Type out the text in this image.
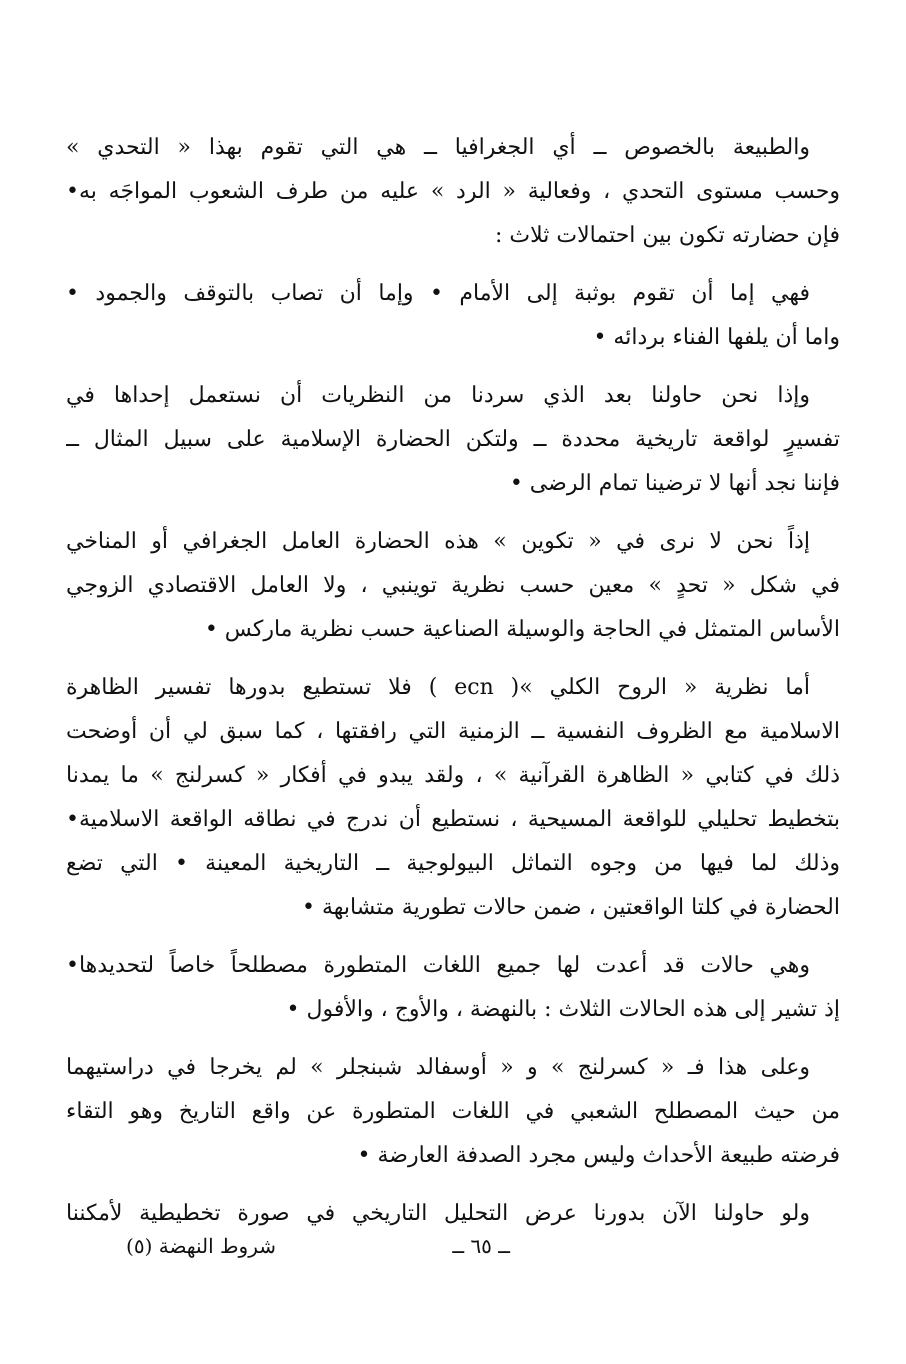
والطبيعة بالخصوص ــ أي الجغرافيا ــ هي التي تقوم بهذا « التحدي »
وحسب مستوى التحدي ، وفعالية « الرد » عليه من طرف الشعوب المواجَه به•
فإن حضارته تكون بين احتمالات ثلاث :
فهي إما أن تقوم بوثبة إلى الأمام • وإما أن تصاب بالتوقف والجمود •
واما أن يلفها الفناء بردائه •
وإذا نحن حاولنا بعد الذي سردنا من النظريات أن نستعمل إحداها في
تفسيرٍ لواقعة تاريخية محددة ــ ولتكن الحضارة الإسلامية على سبيل المثال ــ
فإننا نجد أنها لا ترضينا تمام الرضى •
إذاً نحن لا نرى في « تكوين » هذه الحضارة العامل الجغرافي أو المناخي
في شكل « تحدٍ » معين حسب نظرية توينبي ، ولا العامل الاقتصادي الزوجي
الأساس المتمثل في الحاجة والوسيلة الصناعية حسب نظرية ماركس •
أما نظرية « الروح الكلي »( ecn ) فلا تستطيع بدورها تفسير الظاهرة
الاسلامية مع الظروف النفسية ــ الزمنية التي رافقتها ، كما سبق لي أن أوضحت
ذلك في كتابي « الظاهرة القرآنية » ، ولقد يبدو في أفكار « كسرلنج » ما يمدنا
بتخطيط تحليلي للواقعة المسيحية ، نستطيع أن ندرج في نطاقه الواقعة الاسلامية•
وذلك لما فيها من وجوه التماثل البيولوجية ــ التاريخية المعينة • التي تضع
الحضارة في كلتا الواقعتين ، ضمن حالات تطورية متشابهة •
وهي حالات قد أعدت لها جميع اللغات المتطورة مصطلحاً خاصاً لتحديدها•
إذ تشير إلى هذه الحالات الثلاث : بالنهضة ، والأوج ، والأفول •
وعلى هذا فـ « كسرلنج » و « أوسفالد شبنجلر » لم يخرجا في دراستيهما
من حيث المصطلح الشعبي في اللغات المتطورة عن واقع التاريخ وهو التقاء
فرضته طبيعة الأحداث وليس مجرد الصدفة العارضة •
ولو حاولنا الآن بدورنا عرض التحليل التاريخي في صورة تخطيطية لأمكننا
ــ ٦٥ ــ
شروط النهضة (٥)
